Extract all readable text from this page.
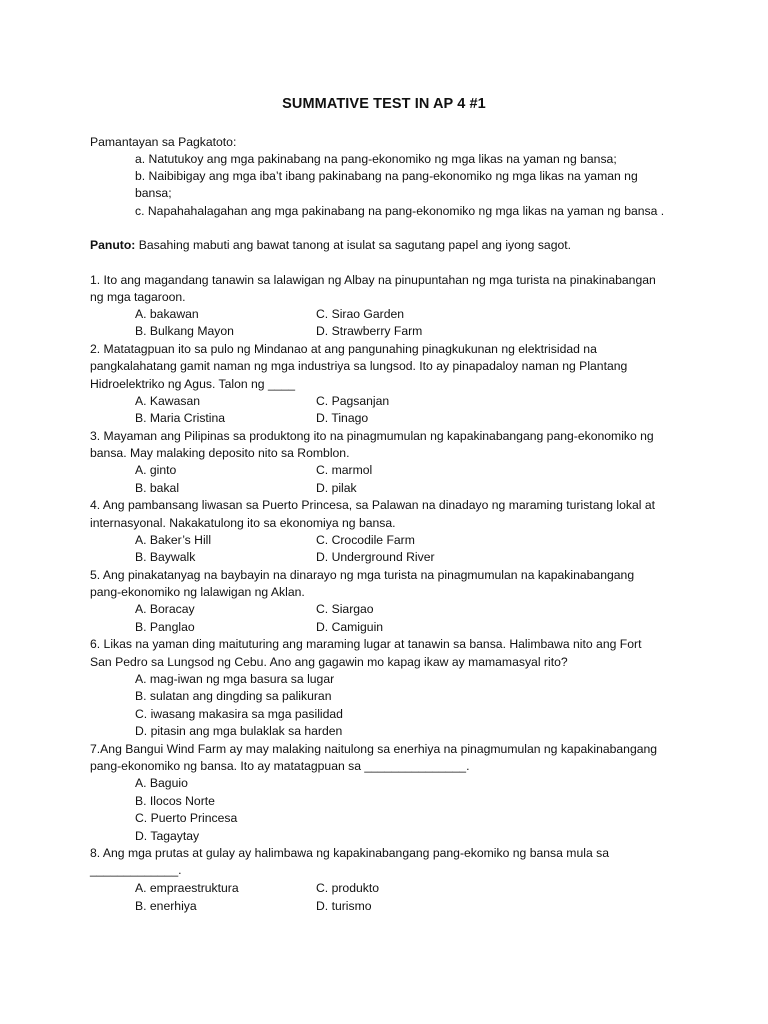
SUMMATIVE TEST IN AP 4 #1
Pamantayan sa Pagkatoto:
a. Natutukoy ang mga pakinabang na pang-ekonomiko ng mga likas na yaman ng bansa;
b. Naibibigay ang mga iba’t ibang pakinabang na pang-ekonomiko ng mga likas na yaman ng
bansa;
c. Napahahalagahan ang mga pakinabang na pang-ekonomiko ng mga likas na yaman ng bansa .
Panuto: Basahing mabuti ang bawat tanong at isulat sa sagutang papel ang iyong sagot.
1. Ito ang magandang tanawin sa lalawigan ng Albay na pinupuntahan ng mga turista na pinakinabangan
ng mga tagaroon.
A. bakawan	C. Sirao Garden
B. Bulkang Mayon	D. Strawberry Farm
2. Matatagpuan ito sa pulo ng Mindanao at ang pangunahing pinagkukunan ng elektrisidad na
pangkalahatang gamit naman ng mga industriya sa lungsod. Ito ay pinapadaloy naman ng Plantang
Hidroelektriko ng Agus. Talon ng ____
A. Kawasan	C. Pagsanjan
B. Maria Cristina	D. Tinago
3. Mayaman ang Pilipinas sa produktong ito na pinagmumulan ng kapakinabangang pang-ekonomiko ng
bansa. May malaking deposito nito sa Romblon.
A. ginto	C. marmol
B. bakal	D. pilak
4. Ang pambansang liwasan sa Puerto Princesa, sa Palawan na dinadayo ng maraming turistang lokal at
internasyonal. Nakakatulong ito sa ekonomiya ng bansa.
A. Baker’s Hill	C. Crocodile Farm
B. Baywalk	D. Underground River
5. Ang pinakatanyag na baybayin na dinarayo ng mga turista na pinagmumulan na kapakinabangang
pang-ekonomiko ng lalawigan ng Aklan.
A. Boracay	C. Siargao
B. Panglao	D. Camiguin
6. Likas na yaman ding maituturing ang maraming lugar at tanawin sa bansa. Halimbawa nito ang Fort
San Pedro sa Lungsod ng Cebu. Ano ang gagawin mo kapag ikaw ay mamamasyal rito?
A. mag-iwan ng mga basura sa lugar
B. sulatan ang dingding sa palikuran
C. iwasang makasira sa mga pasilidad
D. pitasin ang mga bulaklak sa harden
7.Ang Bangui Wind Farm ay may malaking naitulong sa enerhiya na pinagmumulan ng kapakinabangang
pang-ekonomiko ng bansa. Ito ay matatagpuan sa _______________.
A. Baguio
B. Ilocos Norte
C. Puerto Princesa
D. Tagaytay
8. Ang mga prutas at gulay ay halimbawa ng kapakinabangang pang-ekomiko ng bansa mula sa
_____________.
A. empraestruktura	C. produkto
B. enerhiya	D. turismo
